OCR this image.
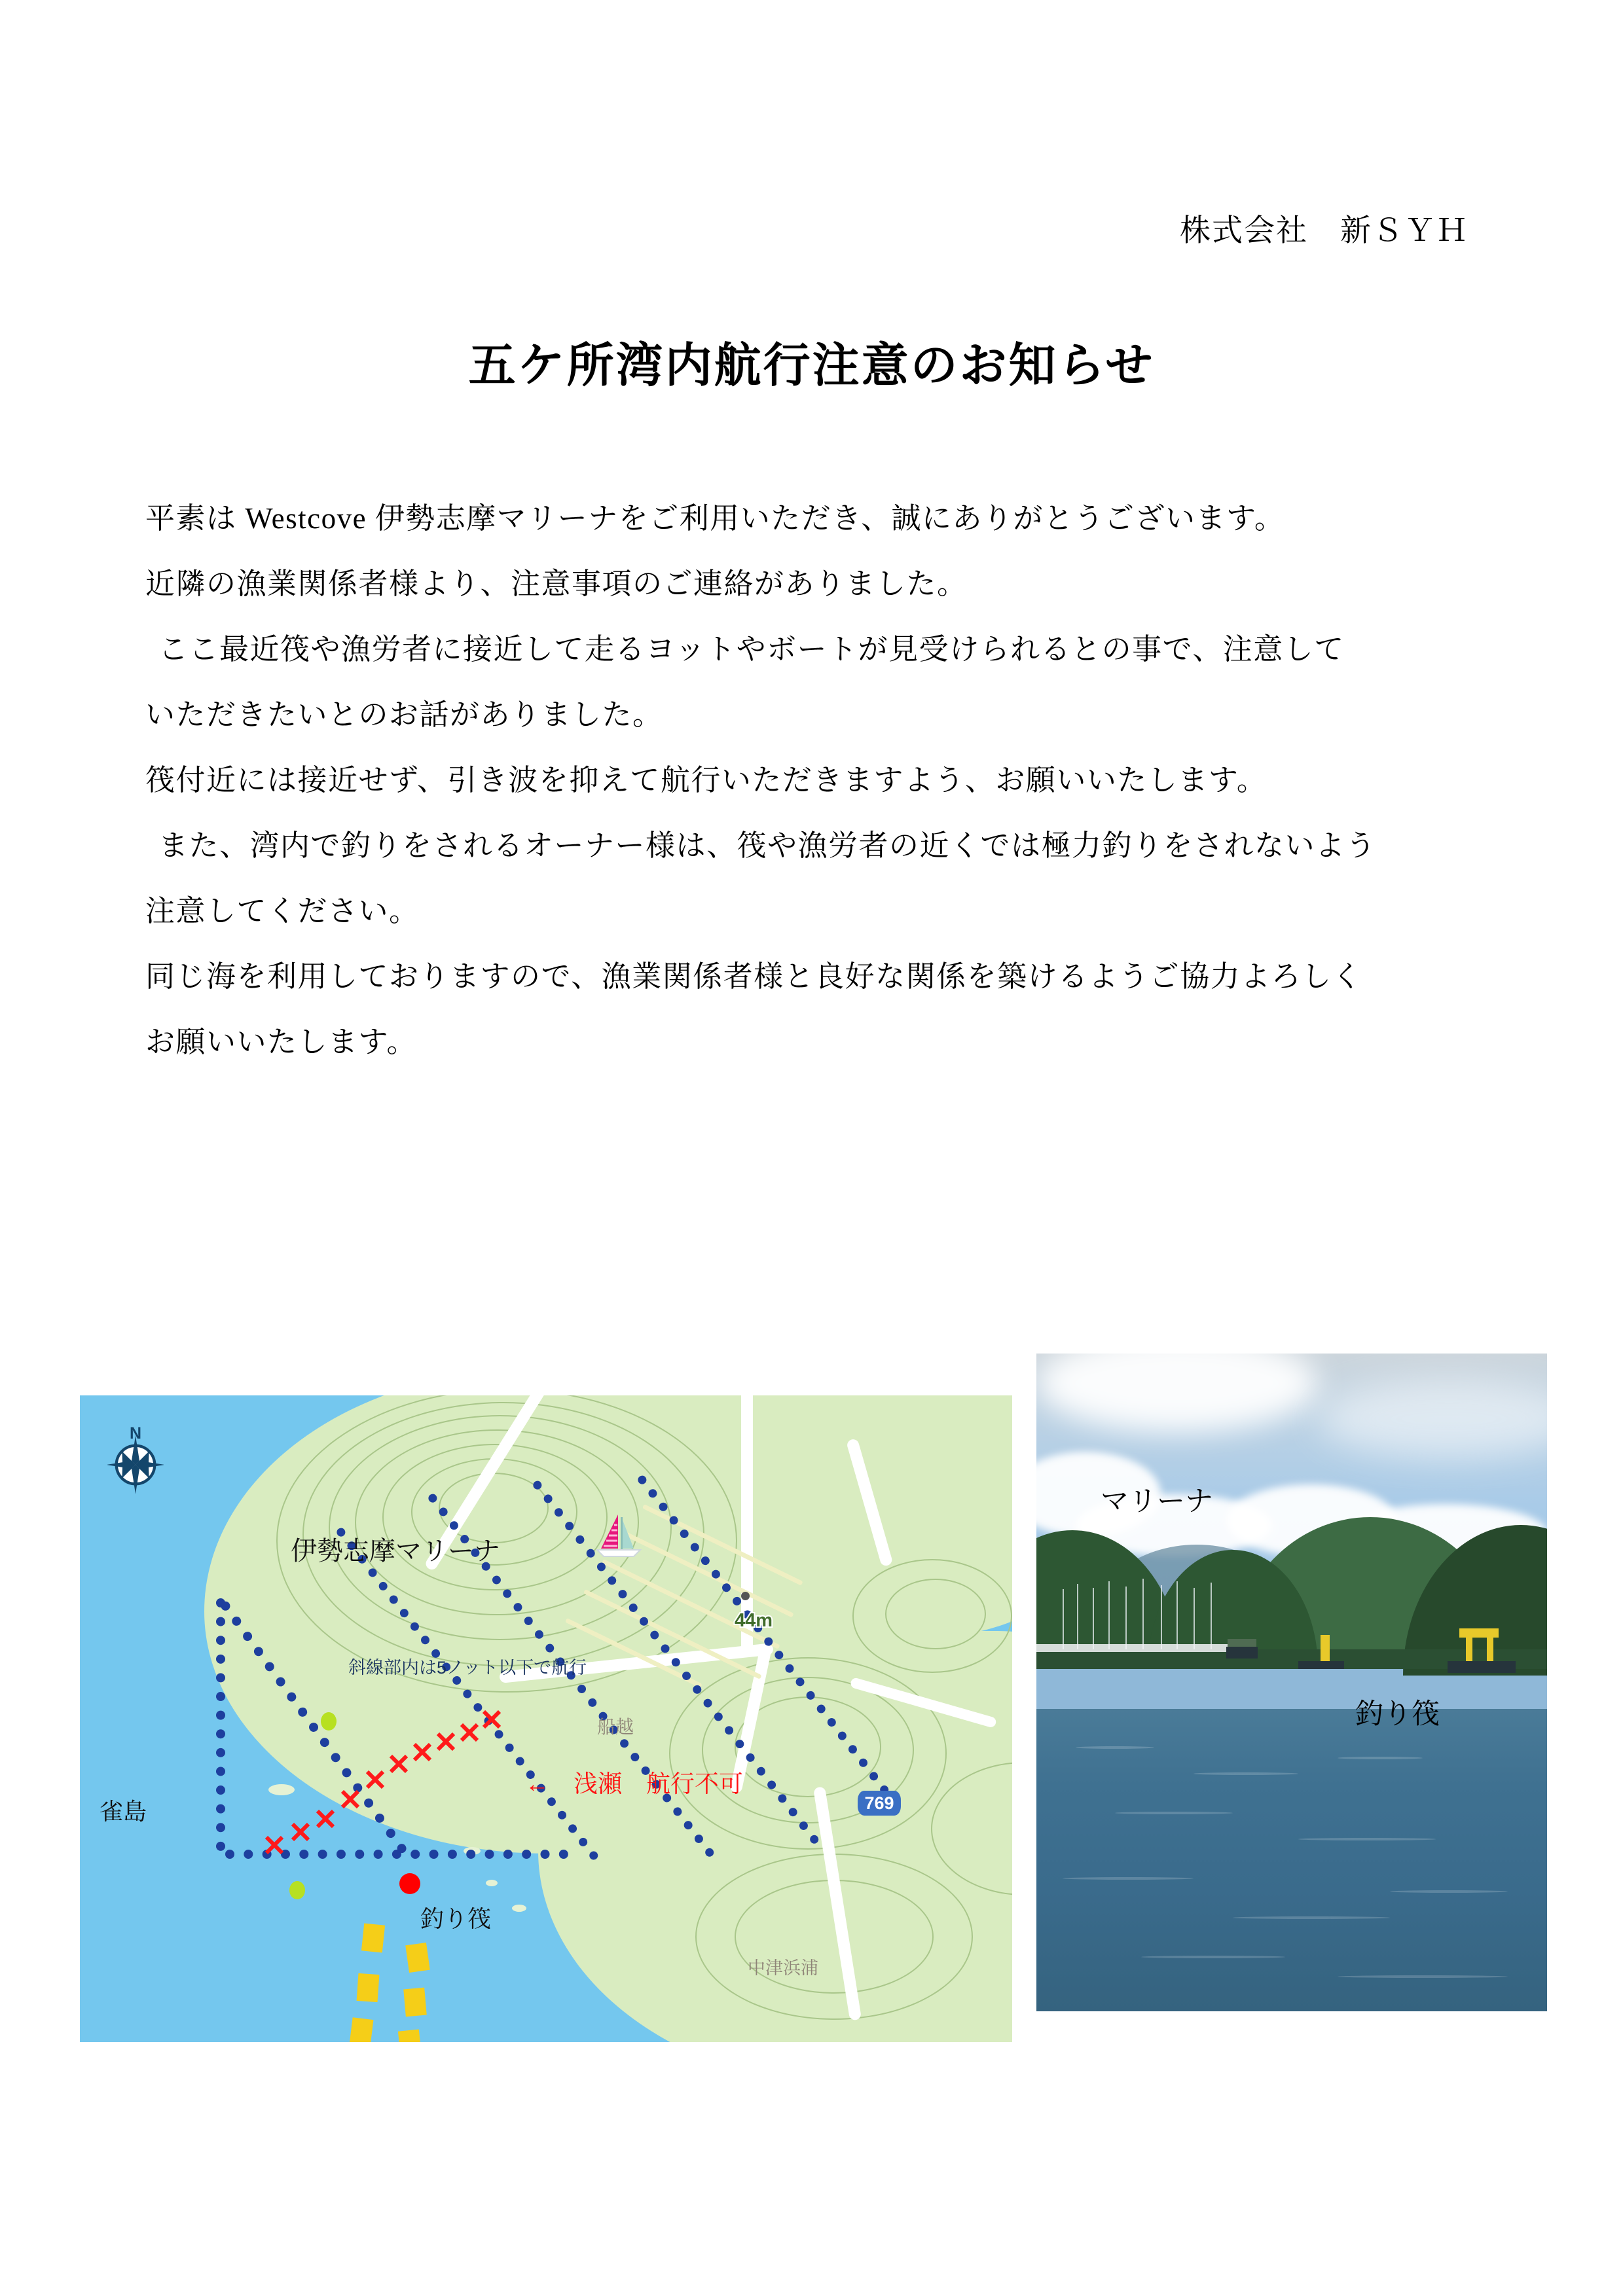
株式会社　新ＳＹＨ
五ケ所湾内航行注意のお知らせ
平素は Westcove 伊勢志摩マリーナをご利用いただき、誠にありがとうございます。
近隣の漁業関係者様より、注意事項のご連絡がありました。
ここ最近筏や漁労者に接近して走るヨットやボートが見受けられるとの事で、注意して
いただきたいとのお話がありました。
筏付近には接近せず、引き波を抑えて航行いただきますよう、お願いいたします。
また、湾内で釣りをされるオーナー様は、筏や漁労者の近くでは極力釣りをされないよう
注意してください。
同じ海を利用しておりますので、漁業関係者様と良好な関係を築けるようご協力よろしく
お願いいたします。
N
44m
769
伊勢志摩マリーナ
雀島
釣り筏
斜線部内は5ノット以下で航行
←　浅瀬　航行不可
船越
中津浜浦
マリーナ
釣り筏
